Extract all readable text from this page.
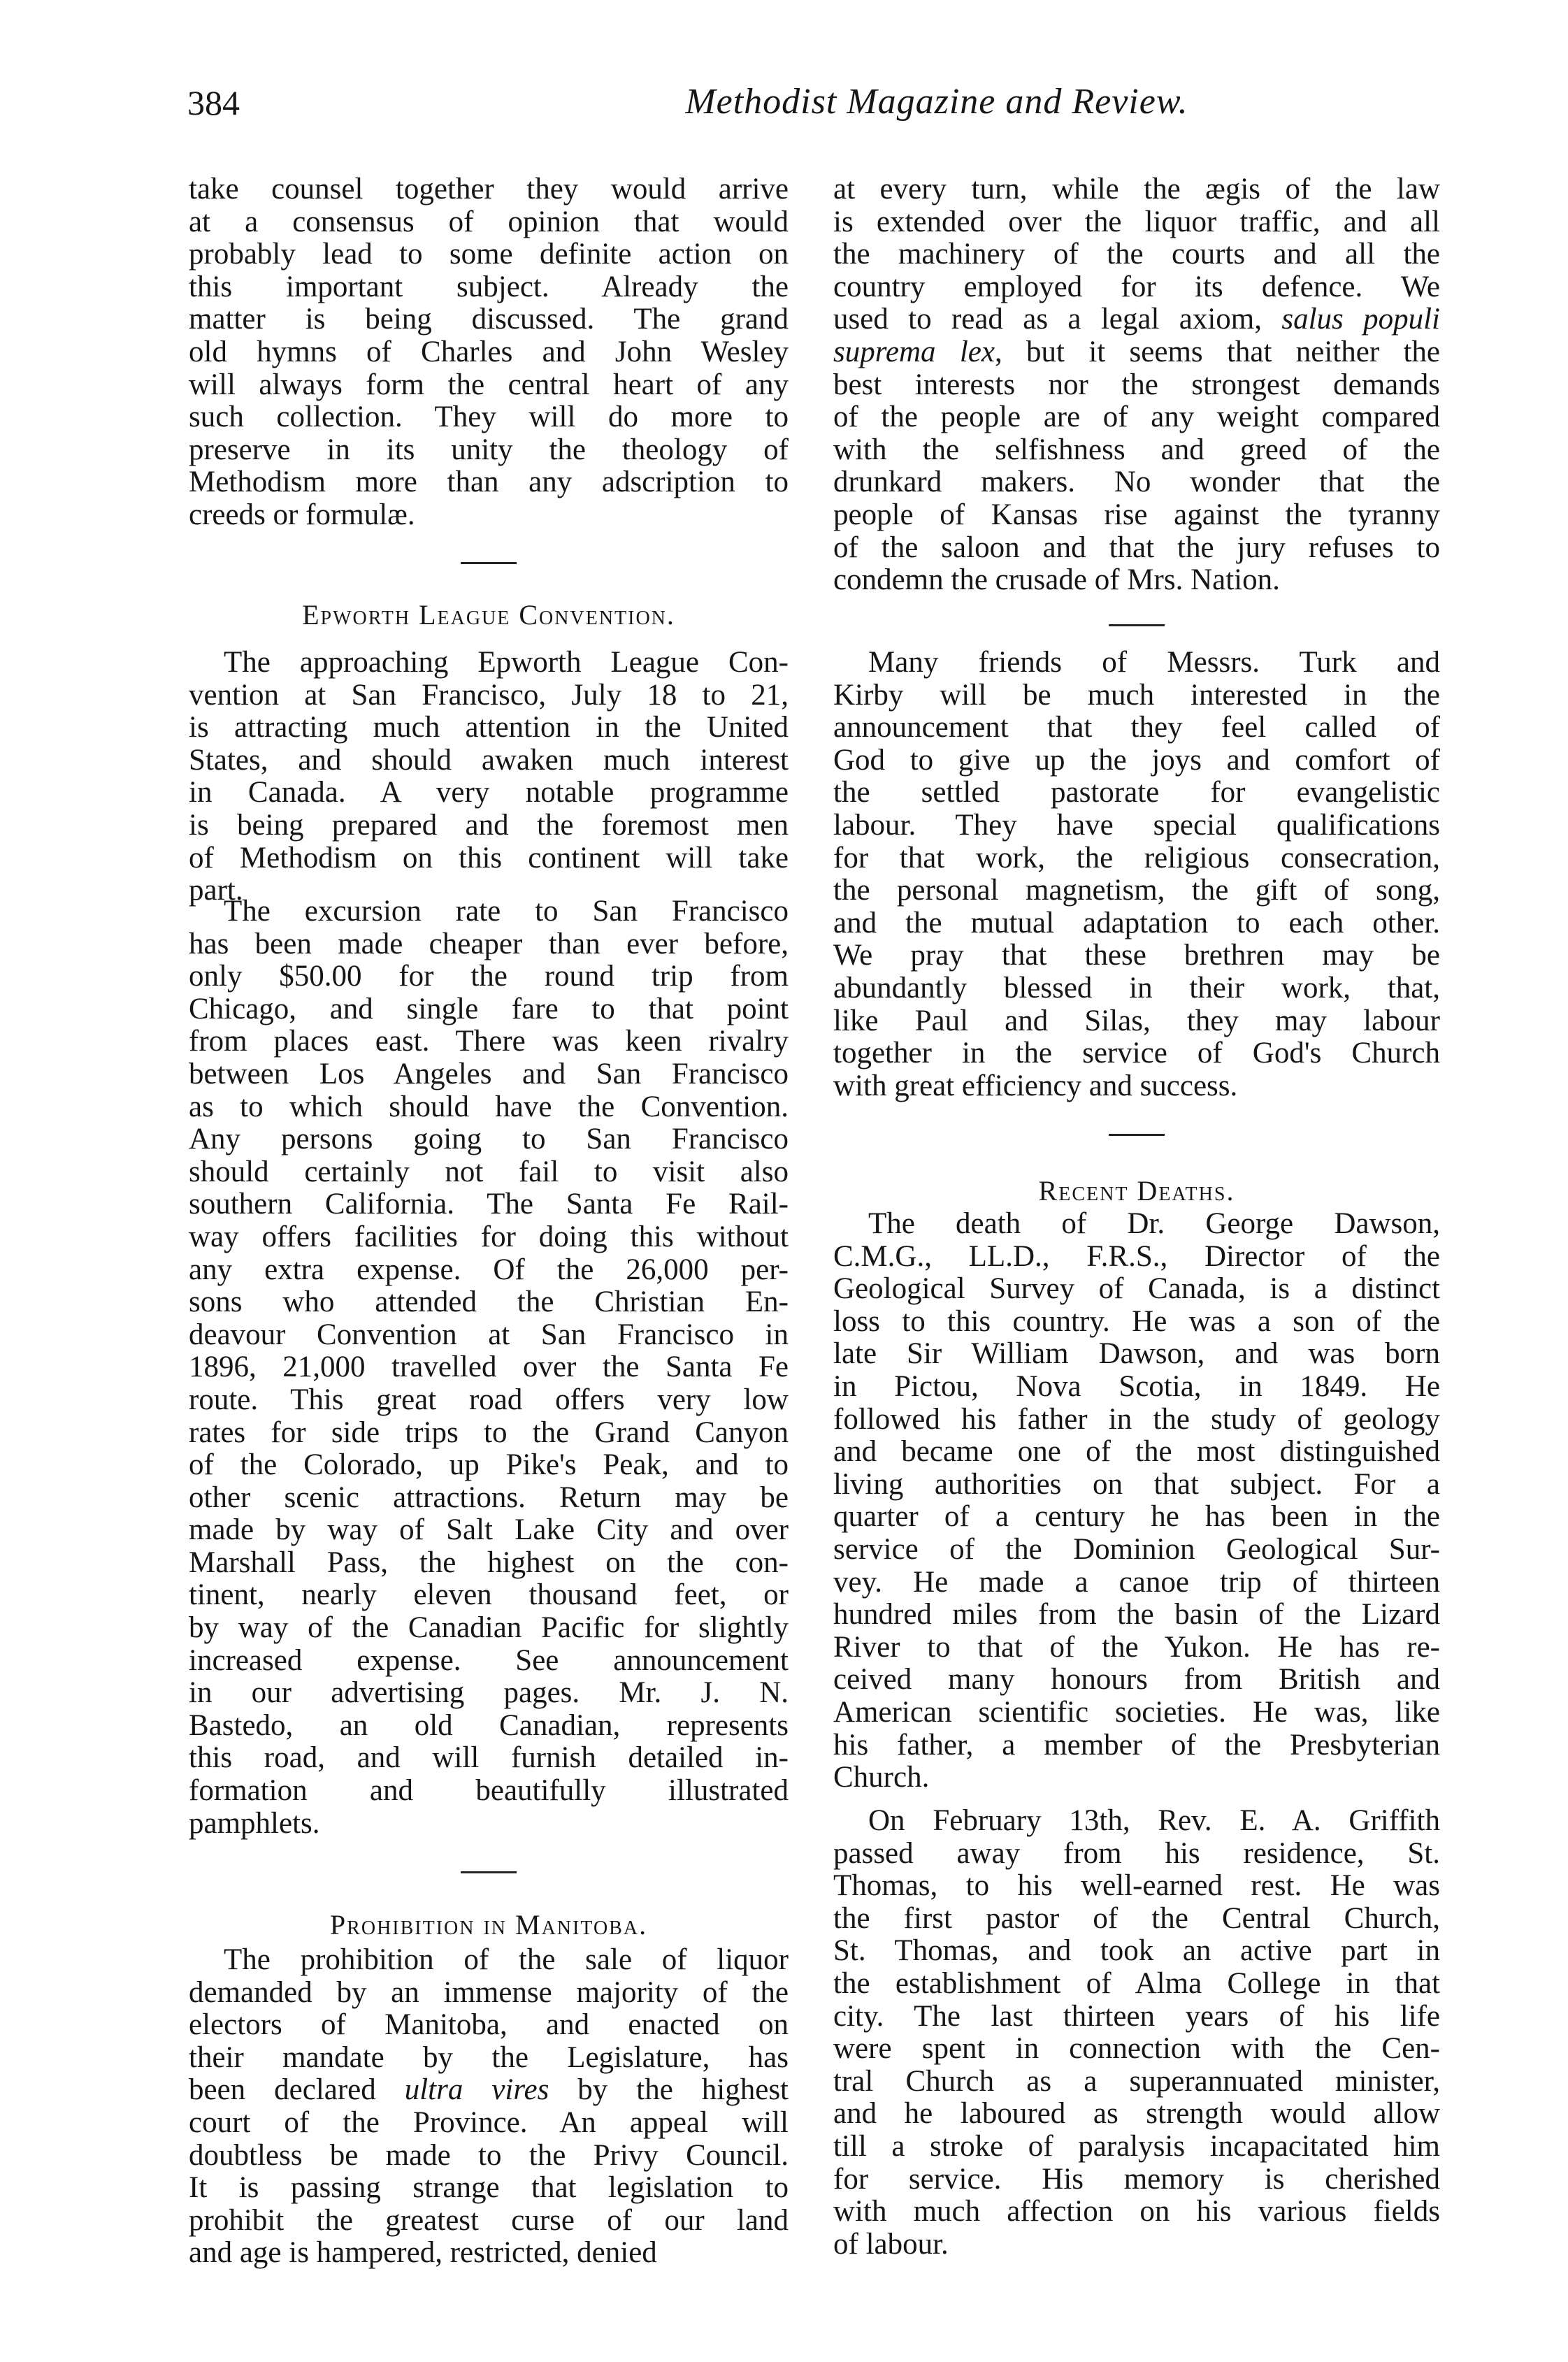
384	Methodist Magazine and Review.
take counsel together they would arrive
at a consensus of opinion that would
probably lead to some definite action on
this important subject. Already the
matter is being discussed. The grand
old hymns of Charles and John Wesley
will always form the central heart of any
such collection. They will do more to
preserve in its unity the theology of
Methodism more than any adscription to
creeds or formulæ.
Epworth League Convention.
The approaching Epworth League Con-
vention at San Francisco, July 18 to 21,
is attracting much attention in the United
States, and should awaken much interest
in Canada. A very notable programme
is being prepared and the foremost men
of Methodism on this continent will take
part.
The excursion rate to San Francisco
has been made cheaper than ever before,
only $50.00 for the round trip from
Chicago, and single fare to that point
from places east. There was keen rivalry
between Los Angeles and San Francisco
as to which should have the Convention.
Any persons going to San Francisco
should certainly not fail to visit also
southern California. The Santa Fe Rail-
way offers facilities for doing this without
any extra expense. Of the 26,000 per-
sons who attended the Christian En-
deavour Convention at San Francisco in
1896, 21,000 travelled over the Santa Fe
route. This great road offers very low
rates for side trips to the Grand Canyon
of the Colorado, up Pike's Peak, and to
other scenic attractions. Return may be
made by way of Salt Lake City and over
Marshall Pass, the highest on the con-
tinent, nearly eleven thousand feet, or
by way of the Canadian Pacific for slightly
increased expense. See announcement
in our advertising pages. Mr. J. N.
Bastedo, an old Canadian, represents
this road, and will furnish detailed in-
formation and beautifully illustrated
pamphlets.
Prohibition in Manitoba.
The prohibition of the sale of liquor
demanded by an immense majority of the
electors of Manitoba, and enacted on
their mandate by the Legislature, has
been declared ultra vires by the highest
court of the Province. An appeal will
doubtless be made to the Privy Council.
It is passing strange that legislation to
prohibit the greatest curse of our land
and age is hampered, restricted, denied
at every turn, while the ægis of the law
is extended over the liquor traffic, and all
the machinery of the courts and all the
country employed for its defence. We
used to read as a legal axiom, salus populi
suprema lex, but it seems that neither the
best interests nor the strongest demands
of the people are of any weight compared
with the selfishness and greed of the
drunkard makers. No wonder that the
people of Kansas rise against the tyranny
of the saloon and that the jury refuses to
condemn the crusade of Mrs. Nation.
Many friends of Messrs. Turk and
Kirby will be much interested in the
announcement that they feel called of
God to give up the joys and comfort of
the settled pastorate for evangelistic
labour. They have special qualifications
for that work, the religious consecration,
the personal magnetism, the gift of song,
and the mutual adaptation to each other.
We pray that these brethren may be
abundantly blessed in their work, that,
like Paul and Silas, they may labour
together in the service of God's Church
with great efficiency and success.
Recent Deaths.
The death of Dr. George Dawson,
C.M.G., LL.D., F.R.S., Director of the
Geological Survey of Canada, is a distinct
loss to this country. He was a son of the
late Sir William Dawson, and was born
in Pictou, Nova Scotia, in 1849. He
followed his father in the study of geology
and became one of the most distinguished
living authorities on that subject. For a
quarter of a century he has been in the
service of the Dominion Geological Sur-
vey. He made a canoe trip of thirteen
hundred miles from the basin of the Lizard
River to that of the Yukon. He has re-
ceived many honours from British and
American scientific societies. He was, like
his father, a member of the Presbyterian
Church.
On February 13th, Rev. E. A. Griffith
passed away from his residence, St.
Thomas, to his well-earned rest. He was
the first pastor of the Central Church,
St. Thomas, and took an active part in
the establishment of Alma College in that
city. The last thirteen years of his life
were spent in connection with the Cen-
tral Church as a superannuated minister,
and he laboured as strength would allow
till a stroke of paralysis incapacitated him
for service. His memory is cherished
with much affection on his various fields
of labour.
